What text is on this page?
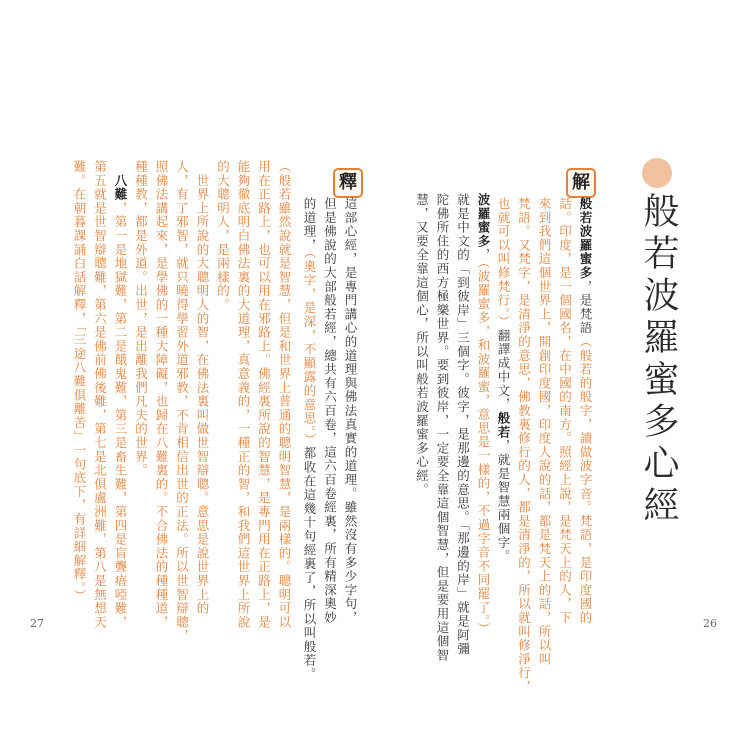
般若波羅蜜多心經
解
般若波羅蜜多，是梵語（般若的般字，讀做波字音。梵語，是印度國的
話。印度，是一個國名，在中國的南方。照經上說，是梵天上的人，下
來到我們這個世界上，開創印度國，印度人說的話，都是梵天上的話，所以叫
梵語。又梵字，是清淨的意思，佛教裏修行的人，都是清淨的，所以就叫修淨行，
也就可以叫修梵行。）翻譯成中文，般若，就是智慧兩個字。
波羅蜜多，（波羅蜜多，和波羅蜜，意思是一樣的，不過字音不同罷了。）
就是中文的「到彼岸」三個字。彼字，是那邊的意思。「那邊的岸」就是阿彌
陀佛所住的西方極樂世界。要到彼岸，一定要全靠這個智慧，但是要用這個智
慧，又要全靠這個心，所以叫般若波羅蜜多心經。
26
釋
這部心經，是專門講心的道理與佛法真實的道理。雖然沒有多少字句，
但是佛說的大部般若經，總共有六百卷，這六百卷經裏，所有精深奧妙
的道理，（奧字，是深，不顯露的意思。）都收在這幾十句經裏了，所以叫般若。
（般若雖然說就是智慧，但是和世界上普通的聰明智慧，是兩樣的。聰明可以
用在正路上，也可以用在邪路上。佛經裏所說的智慧，是專門用在正路上，是
能夠徹底明白佛法裏的大道理，真意義的，一種正的智，和我們這世界上所說
的大聰明人，是兩樣的。
　世界上所說的大聰明人的智，在佛法裏叫做世智辯聰。意思是說世界上的
人，有了邪智，就只曉得學習外道邪教，不肯相信出世的正法。所以世智辯聰，
照佛法講起來，是學佛的一種大障礙，也歸在八難裏的。不合佛法的種種道，
種種教，都是外道。出世，是出離我們凡夫的世界。
　八難，第一是地獄難，第二是餓鬼難，第三是畜生難，第四是盲聾瘖啞難，
第五就是世智辯聰難，第六是佛前佛後難，第七是北俱盧洲難，第八是無想天
難。在朝暮課誦白話解釋，「三途八難俱離苦」一句底下，有詳細解釋。）
27
